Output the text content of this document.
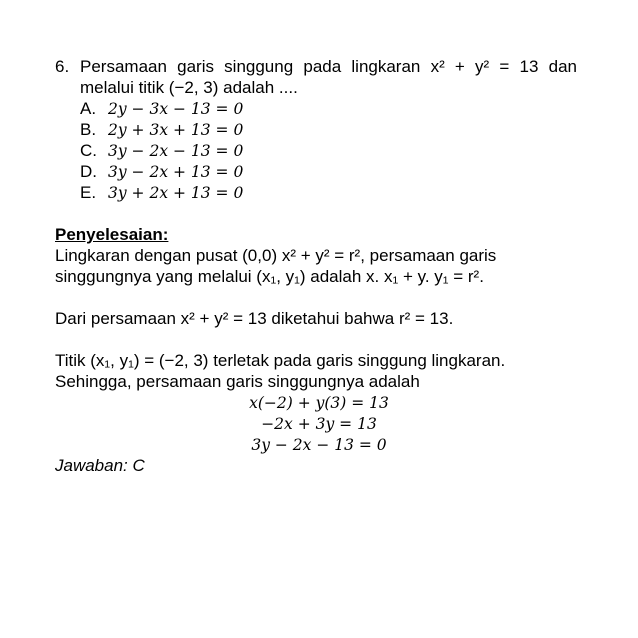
6. Persamaan garis singgung pada lingkaran x² + y² = 13 dan
melalui titik (−2, 3) adalah ....
A. 2y − 3x − 13 = 0
B. 2y + 3x + 13 = 0
C. 3y − 2x − 13 = 0
D. 3y − 2x + 13 = 0
E. 3y + 2x + 13 = 0
Penyelesaian:
Lingkaran dengan pusat (0,0) x² + y² = r², persamaan garis
singgungnya yang melalui (x₁, y₁) adalah x. x₁ + y. y₁ = r².
Dari persamaan x² + y² = 13 diketahui bahwa r² = 13.
Titik (x₁, y₁) = (−2, 3) terletak pada garis singgung lingkaran.
Sehingga, persamaan garis singgungnya adalah
x(−2) + y(3) = 13
−2x + 3y = 13
3y − 2x − 13 = 0
Jawaban: C
